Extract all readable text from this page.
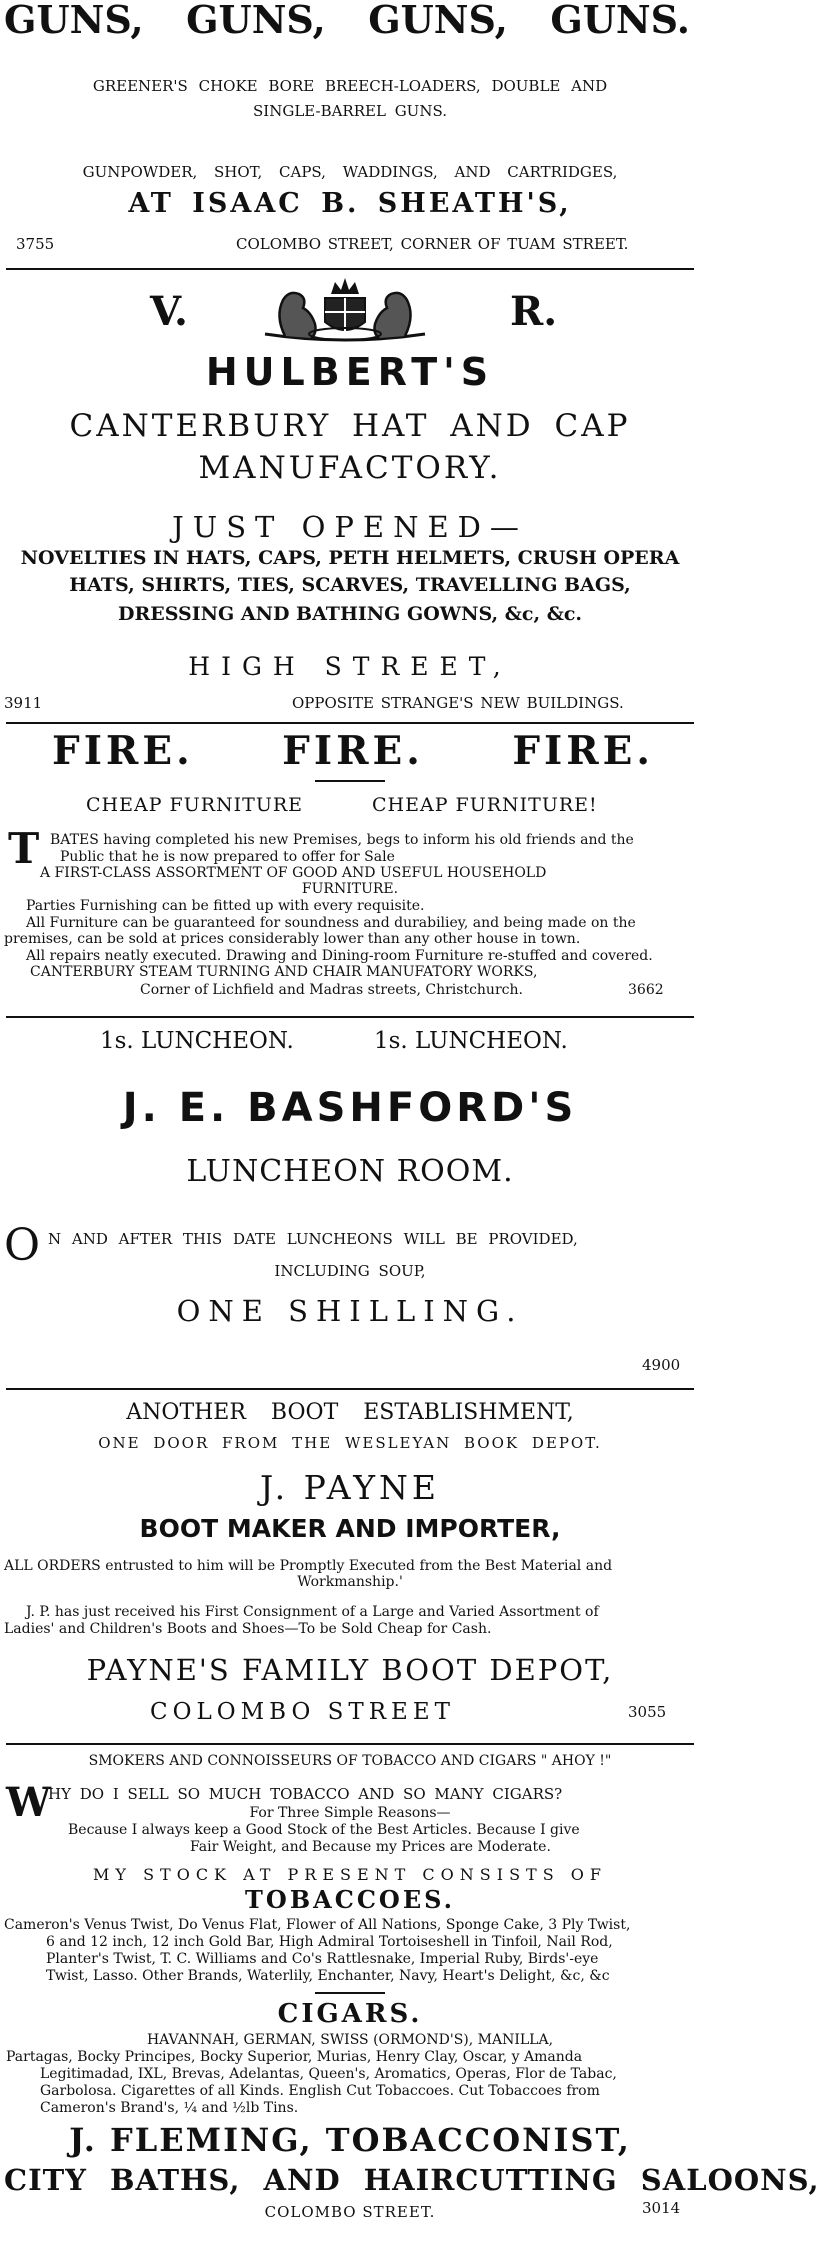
GUNS, GUNS, GUNS, GUNS.
GREENER'S CHOKE BORE BREECH-LOADERS, DOUBLE AND
SINGLE-BARREL GUNS.
GUNPOWDER, SHOT, CAPS, WADDINGS, AND CARTRIDGES,
AT ISAAC B. SHEATH'S,
3755	COLOMBO STREET, CORNER OF TUAM STREET.
V.	R.
HULBERT'S
CANTERBURY HAT AND CAP
MANUFACTORY.
JUST OPENED—
NOVELTIES IN HATS, CAPS, PETH HELMETS, CRUSH OPERA
HATS, SHIRTS, TIES, SCARVES, TRAVELLING BAGS,
DRESSING AND BATHING GOWNS, &c, &c.
HIGH STREET,
3911	OPPOSITE STRANGE'S NEW BUILDINGS.
FIRE. FIRE. FIRE.
CHEAP FURNITURE	CHEAP FURNITURE!
T BATES having completed his new Premises, begs to inform his old friends and the
Public that he is now prepared to offer for Sale
A FIRST-CLASS ASSORTMENT OF GOOD AND USEFUL HOUSEHOLD
FURNITURE.
Parties Furnishing can be fitted up with every requisite.
All Furniture can be guaranteed for soundness and durabiliey, and being made on the
premises, can be sold at prices considerably lower than any other house in town.
All repairs neatly executed. Drawing and Dining-room Furniture re-stuffed and covered.
CANTERBURY STEAM TURNING AND CHAIR MANUFATORY WORKS,
Corner of Lichfield and Madras streets, Christchurch.	3662
1s. LUNCHEON.	1s. LUNCHEON.
J. E. BASHFORD'S
LUNCHEON ROOM.
O N AND AFTER THIS DATE LUNCHEONS WILL BE PROVIDED,
INCLUDING SOUP,
ONE SHILLING.
4900
ANOTHER BOOT ESTABLISHMENT,
ONE DOOR FROM THE WESLEYAN BOOK DEPOT.
J. PAYNE
BOOT MAKER AND IMPORTER,
ALL ORDERS entrusted to him will be Promptly Executed from the Best Material and
Workmanship.'
J. P. has just received his First Consignment of a Large and Varied Assortment of
Ladies' and Children's Boots and Shoes—To be Sold Cheap for Cash.
PAYNE'S FAMILY BOOT DEPOT,
COLOMBO STREET	3055
SMOKERS AND CONNOISSEURS OF TOBACCO AND CIGARS " AHOY !"
W
HY DO I SELL SO MUCH TOBACCO AND SO MANY CIGARS?
For Three Simple Reasons—
Because I always keep a Good Stock of the Best Articles. Because I give
Fair Weight, and Because my Prices are Moderate.
MY STOCK AT PRESENT CONSISTS OF
TOBACCOES.
Cameron's Venus Twist, Do Venus Flat, Flower of All Nations, Sponge Cake, 3 Ply Twist,
6 and 12 inch, 12 inch Gold Bar, High Admiral Tortoiseshell in Tinfoil, Nail Rod,
Planter's Twist, T. C. Williams and Co's Rattlesnake, Imperial Ruby, Birds'-eye
Twist, Lasso. Other Brands, Waterlily, Enchanter, Navy, Heart's Delight, &c, &c
CIGARS.
HAVANNAH, GERMAN, SWISS (ORMOND'S), MANILLA,
Partagas, Bocky Principes, Bocky Superior, Murias, Henry Clay, Oscar, y Amanda
Legitimadad, IXL, Brevas, Adelantas, Queen's, Aromatics, Operas, Flor de Tabac,
Garbolosa. Cigarettes of all Kinds. English Cut Tobaccoes. Cut Tobaccoes from
Cameron's Brand's, ¼ and ½lb Tins.
J. FLEMING, TOBACCONIST,
CITY BATHS, AND HAIRCUTTING SALOONS,
COLOMBO STREET.	3014
